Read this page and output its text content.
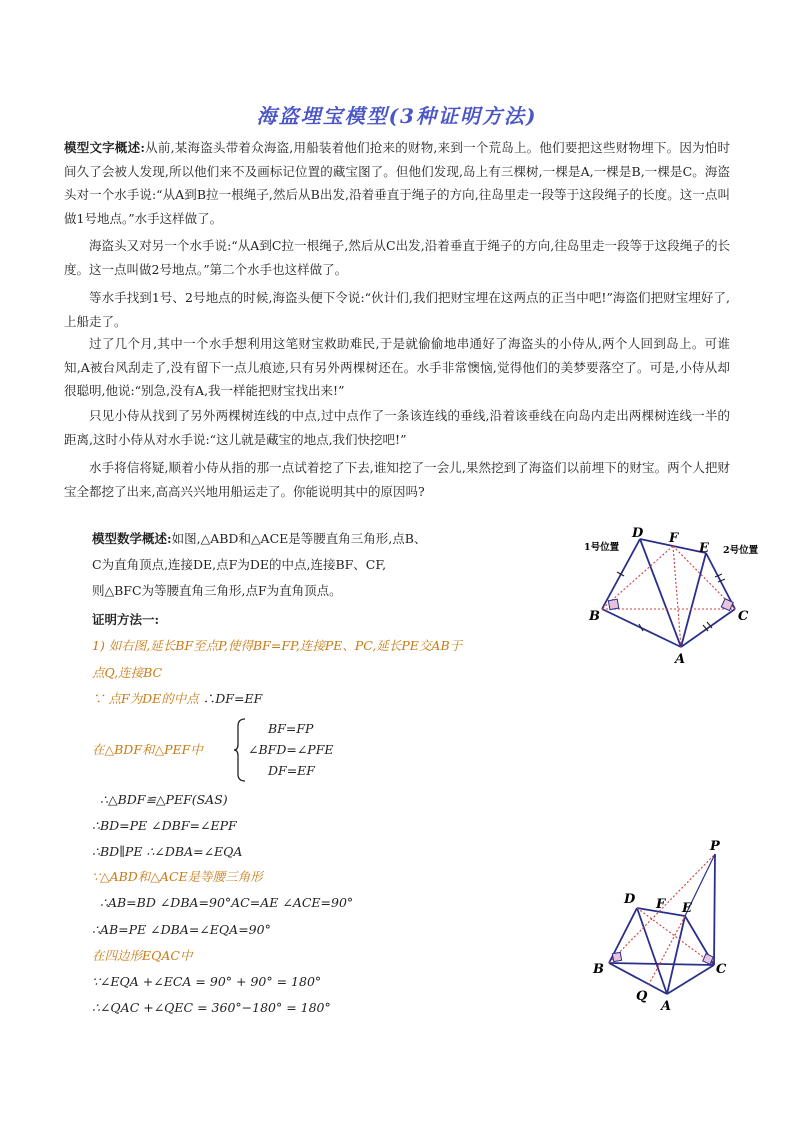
海盗埋宝模型(3种证明方法)
模型文字概述:从前,某海盗头带着众海盗,用船装着他们抢来的财物,来到一个荒岛上。他们要把这些财物埋下。因为怕时间久了会被人发现,所以他们来不及画标记位置的藏宝图了。但他们发现,岛上有三棵树,一棵是A,一棵是B,一棵是C。海盗头对一个水手说:“从A到B拉一根绳子,然后从B出发,沿着垂直于绳子的方向,往岛里走一段等于这段绳子的长度。这一点叫做1号地点。”水手这样做了。
海盗头又对另一个水手说:“从A到C拉一根绳子,然后从C出发,沿着垂直于绳子的方向,往岛里走一段等于这段绳子的长度。这一点叫做2号地点。”第二个水手也这样做了。
等水手找到1号、2号地点的时候,海盗头便下令说:“伙计们,我们把财宝埋在这两点的正当中吧!”海盗们把财宝埋好了,上船走了。
过了几个月,其中一个水手想利用这笔财宝救助难民,于是就偷偷地串通好了海盗头的小侍从,两个人回到岛上。可谁知,A被台风刮走了,没有留下一点儿痕迹,只有另外两棵树还在。水手非常懊恼,觉得他们的美梦要落空了。可是,小侍从却很聪明,他说:“别急,没有A,我一样能把财宝找出来!”
只见小侍从找到了另外两棵树连线的中点,过中点作了一条该连线的垂线,沿着该垂线在向岛内走出两棵树连线一半的距离,这时小侍从对水手说:“这儿就是藏宝的地点,我们快挖吧!”
水手将信将疑,顺着小侍从指的那一点试着挖了下去,谁知挖了一会儿,果然挖到了海盗们以前埋下的财宝。两个人把财宝全都挖了出来,高高兴兴地用船运走了。你能说明其中的原因吗?
模型数学概述:如图,△ABD和△ACE是等腰直角三角形,点B、
C为直角顶点,连接DE,点F为DE的中点,连接BF、CF,
则△BFC为等腰直角三角形,点F为直角顶点。
证明方法一:
1) 如右图,延长BF至点P,使得BF=FP,连接PE、PC,延长PE交AB于
点Q,连接BC
∵ 点F为DE的中点 ∴DF=EF
在△BDF和△PEF中
BF=FP
∠BFD=∠PFE
DF=EF
∴△BDF≌△PEF(SAS)
∴BD=PE ∠DBF=∠EPF
∴BD∥PE ∴∠DBA=∠EQA
∵△ABD和△ACE是等腰三角形
∴AB=BD ∠DBA=90°AC=AE ∠ACE=90°
∴AB=PE ∠DBA=∠EQA=90°
在四边形EQAC中
∵∠EQA +∠ECA = 90° + 90° = 180°
∴∠QAC +∠QEC = 360°−180° = 180°
D F
E
B	C
A
1号位置	2号位置
P
D F E
B	C
Q
A
